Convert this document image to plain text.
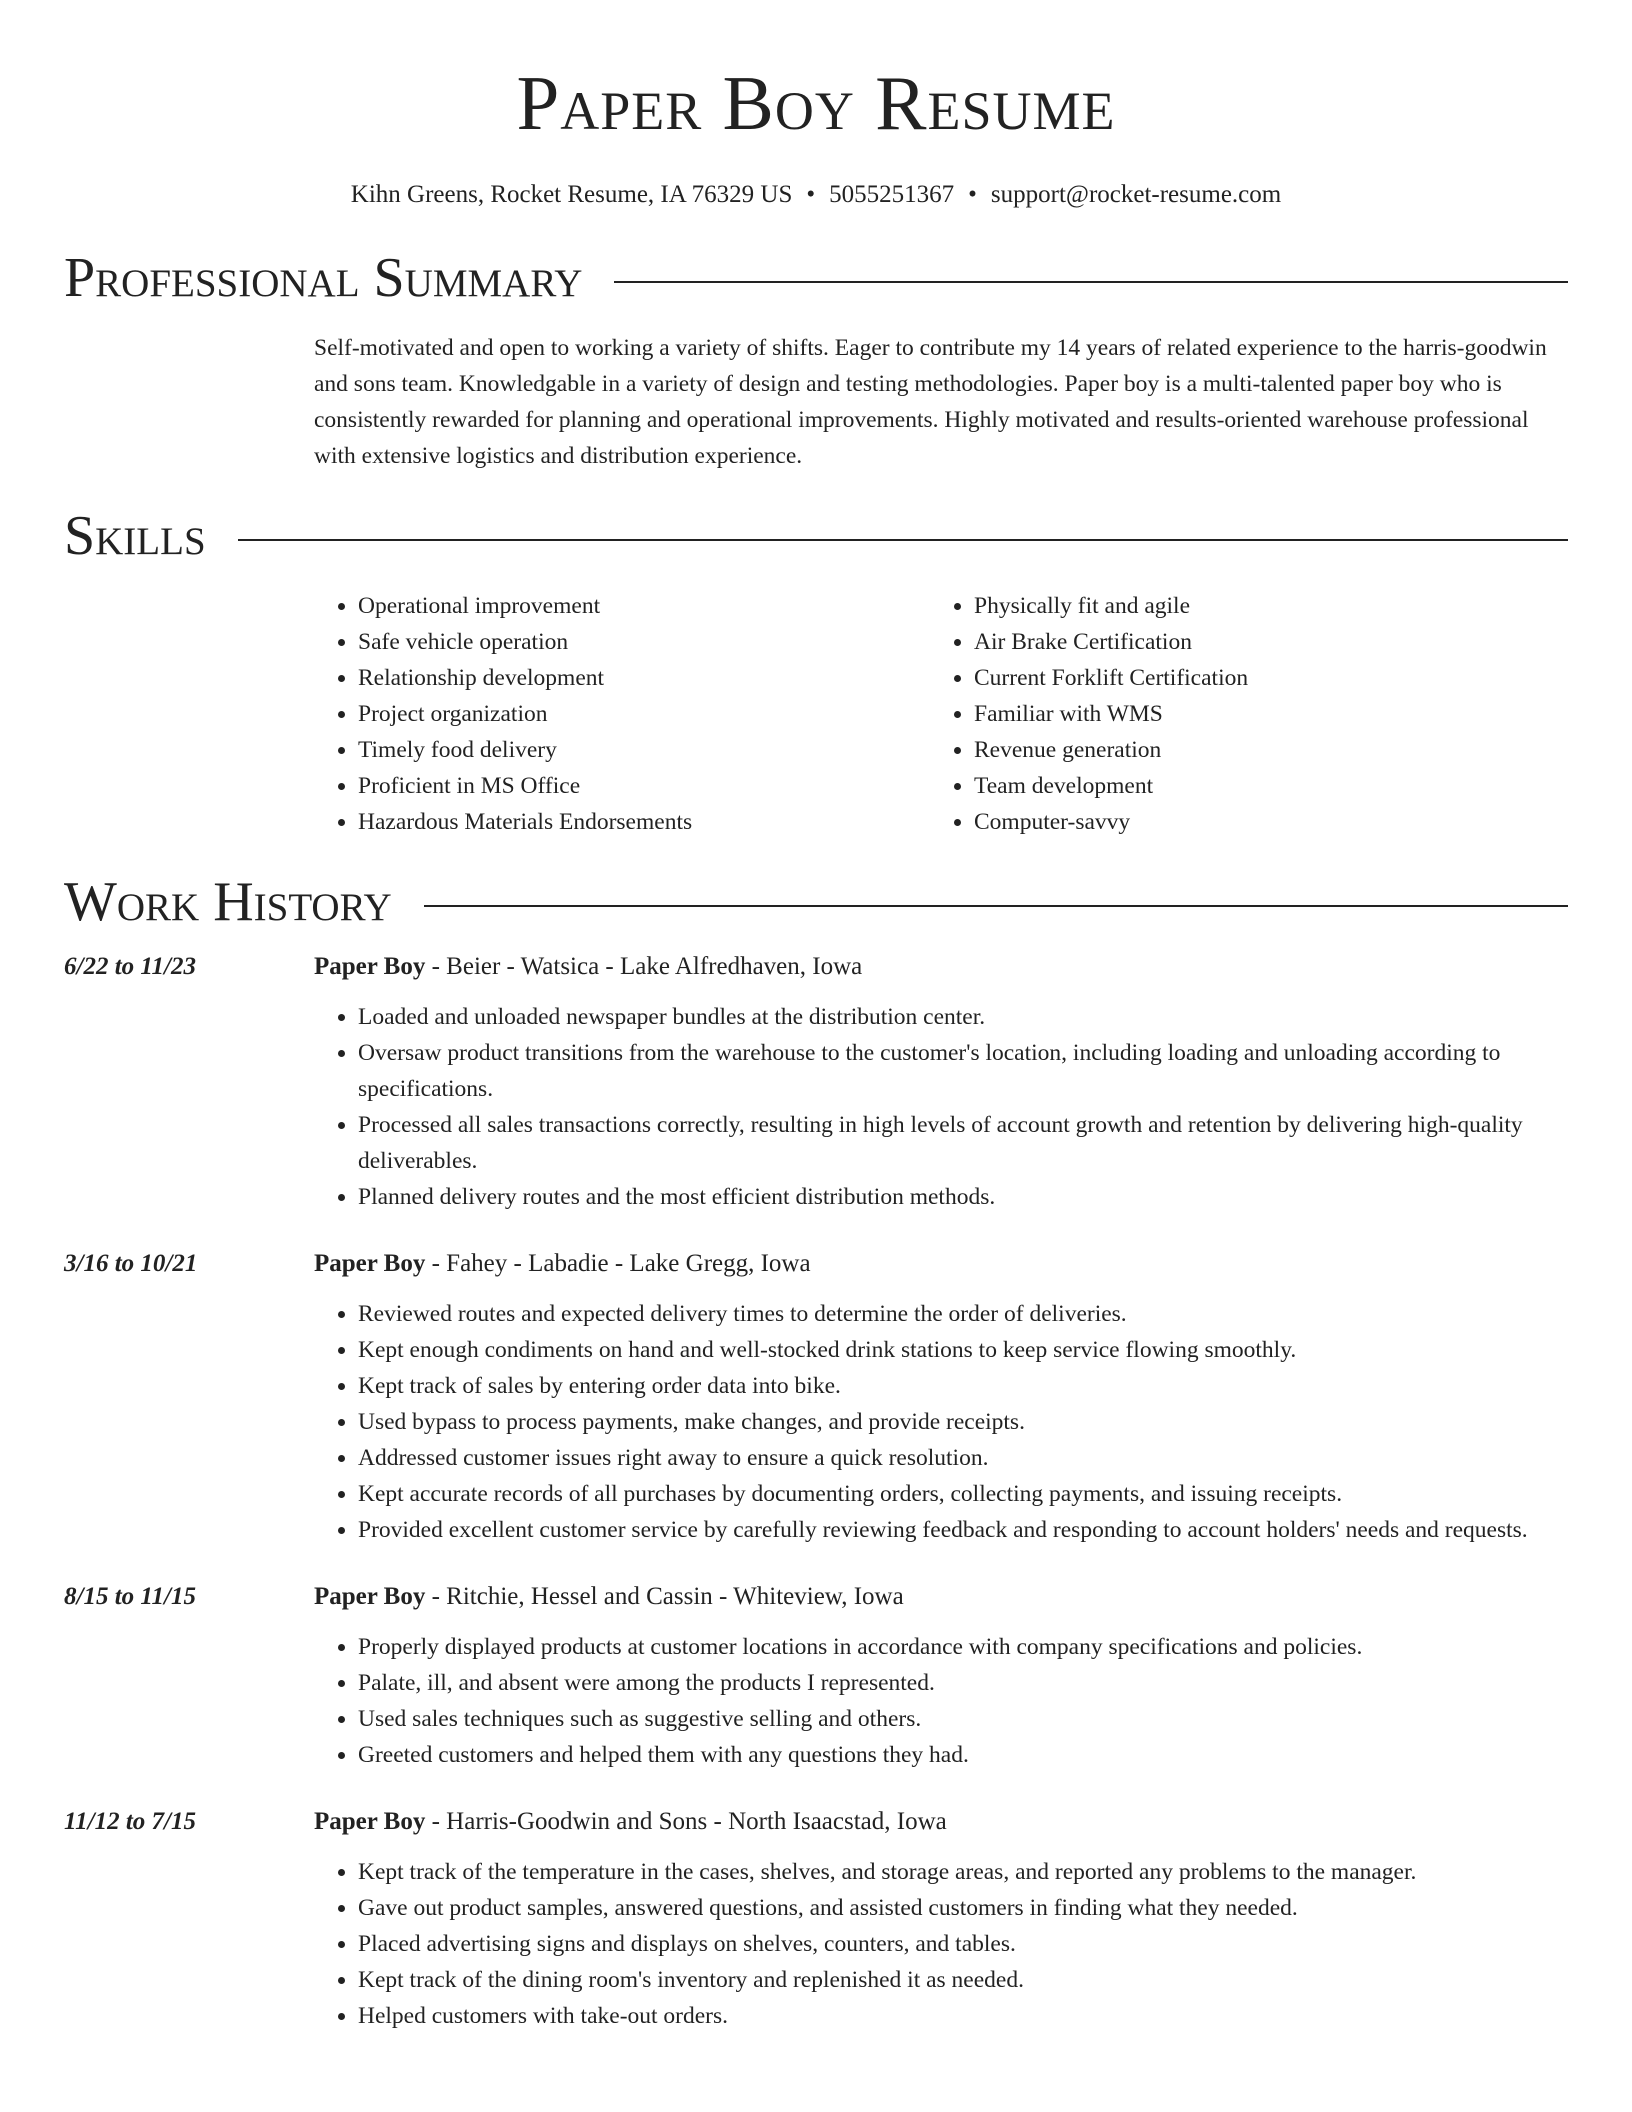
Paper Boy Resume
Kihn Greens, Rocket Resume, IA 76329 US • 5055251367 • support@rocket-resume.com
Professional Summary

Self-motivated and open to working a variety of shifts. Eager to contribute my 14 years of related experience to the harris-goodwin and sons team. Knowledgable in a variety of design and testing methodologies. Paper boy is a multi-talented paper boy who is consistently rewarded for planning and operational improvements. Highly motivated and results-oriented warehouse professional with extensive logistics and distribution experience.

Skills
• Operational improvement
• Safe vehicle operation
• Relationship development
• Project organization
• Timely food delivery
• Proficient in MS Office
• Hazardous Materials Endorsements
• Physically fit and agile
• Air Brake Certification
• Current Forklift Certification
• Familiar with WMS
• Revenue generation
• Team development
• Computer-savvy
Work History
6/22 to 11/23	Paper Boy - Beier - Watsica - Lake Alfredhaven, Iowa
• Loaded and unloaded newspaper bundles at the distribution center.
• Oversaw product transitions from the warehouse to the customer's location, including loading and unloading according to specifications.
• Processed all sales transactions correctly, resulting in high levels of account growth and retention by delivering high-quality deliverables.
• Planned delivery routes and the most efficient distribution methods.
3/16 to 10/21	Paper Boy - Fahey - Labadie - Lake Gregg, Iowa
• Reviewed routes and expected delivery times to determine the order of deliveries.
• Kept enough condiments on hand and well-stocked drink stations to keep service flowing smoothly.
• Kept track of sales by entering order data into bike.
• Used bypass to process payments, make changes, and provide receipts.
• Addressed customer issues right away to ensure a quick resolution.
• Kept accurate records of all purchases by documenting orders, collecting payments, and issuing receipts.
• Provided excellent customer service by carefully reviewing feedback and responding to account holders' needs and requests.
8/15 to 11/15	Paper Boy - Ritchie, Hessel and Cassin - Whiteview, Iowa
• Properly displayed products at customer locations in accordance with company specifications and policies.
• Palate, ill, and absent were among the products I represented.
• Used sales techniques such as suggestive selling and others.
• Greeted customers and helped them with any questions they had.
11/12 to 7/15	Paper Boy - Harris-Goodwin and Sons - North Isaacstad, Iowa
• Kept track of the temperature in the cases, shelves, and storage areas, and reported any problems to the manager.
• Gave out product samples, answered questions, and assisted customers in finding what they needed.
• Placed advertising signs and displays on shelves, counters, and tables.
• Kept track of the dining room's inventory and replenished it as needed.
• Helped customers with take-out orders.
